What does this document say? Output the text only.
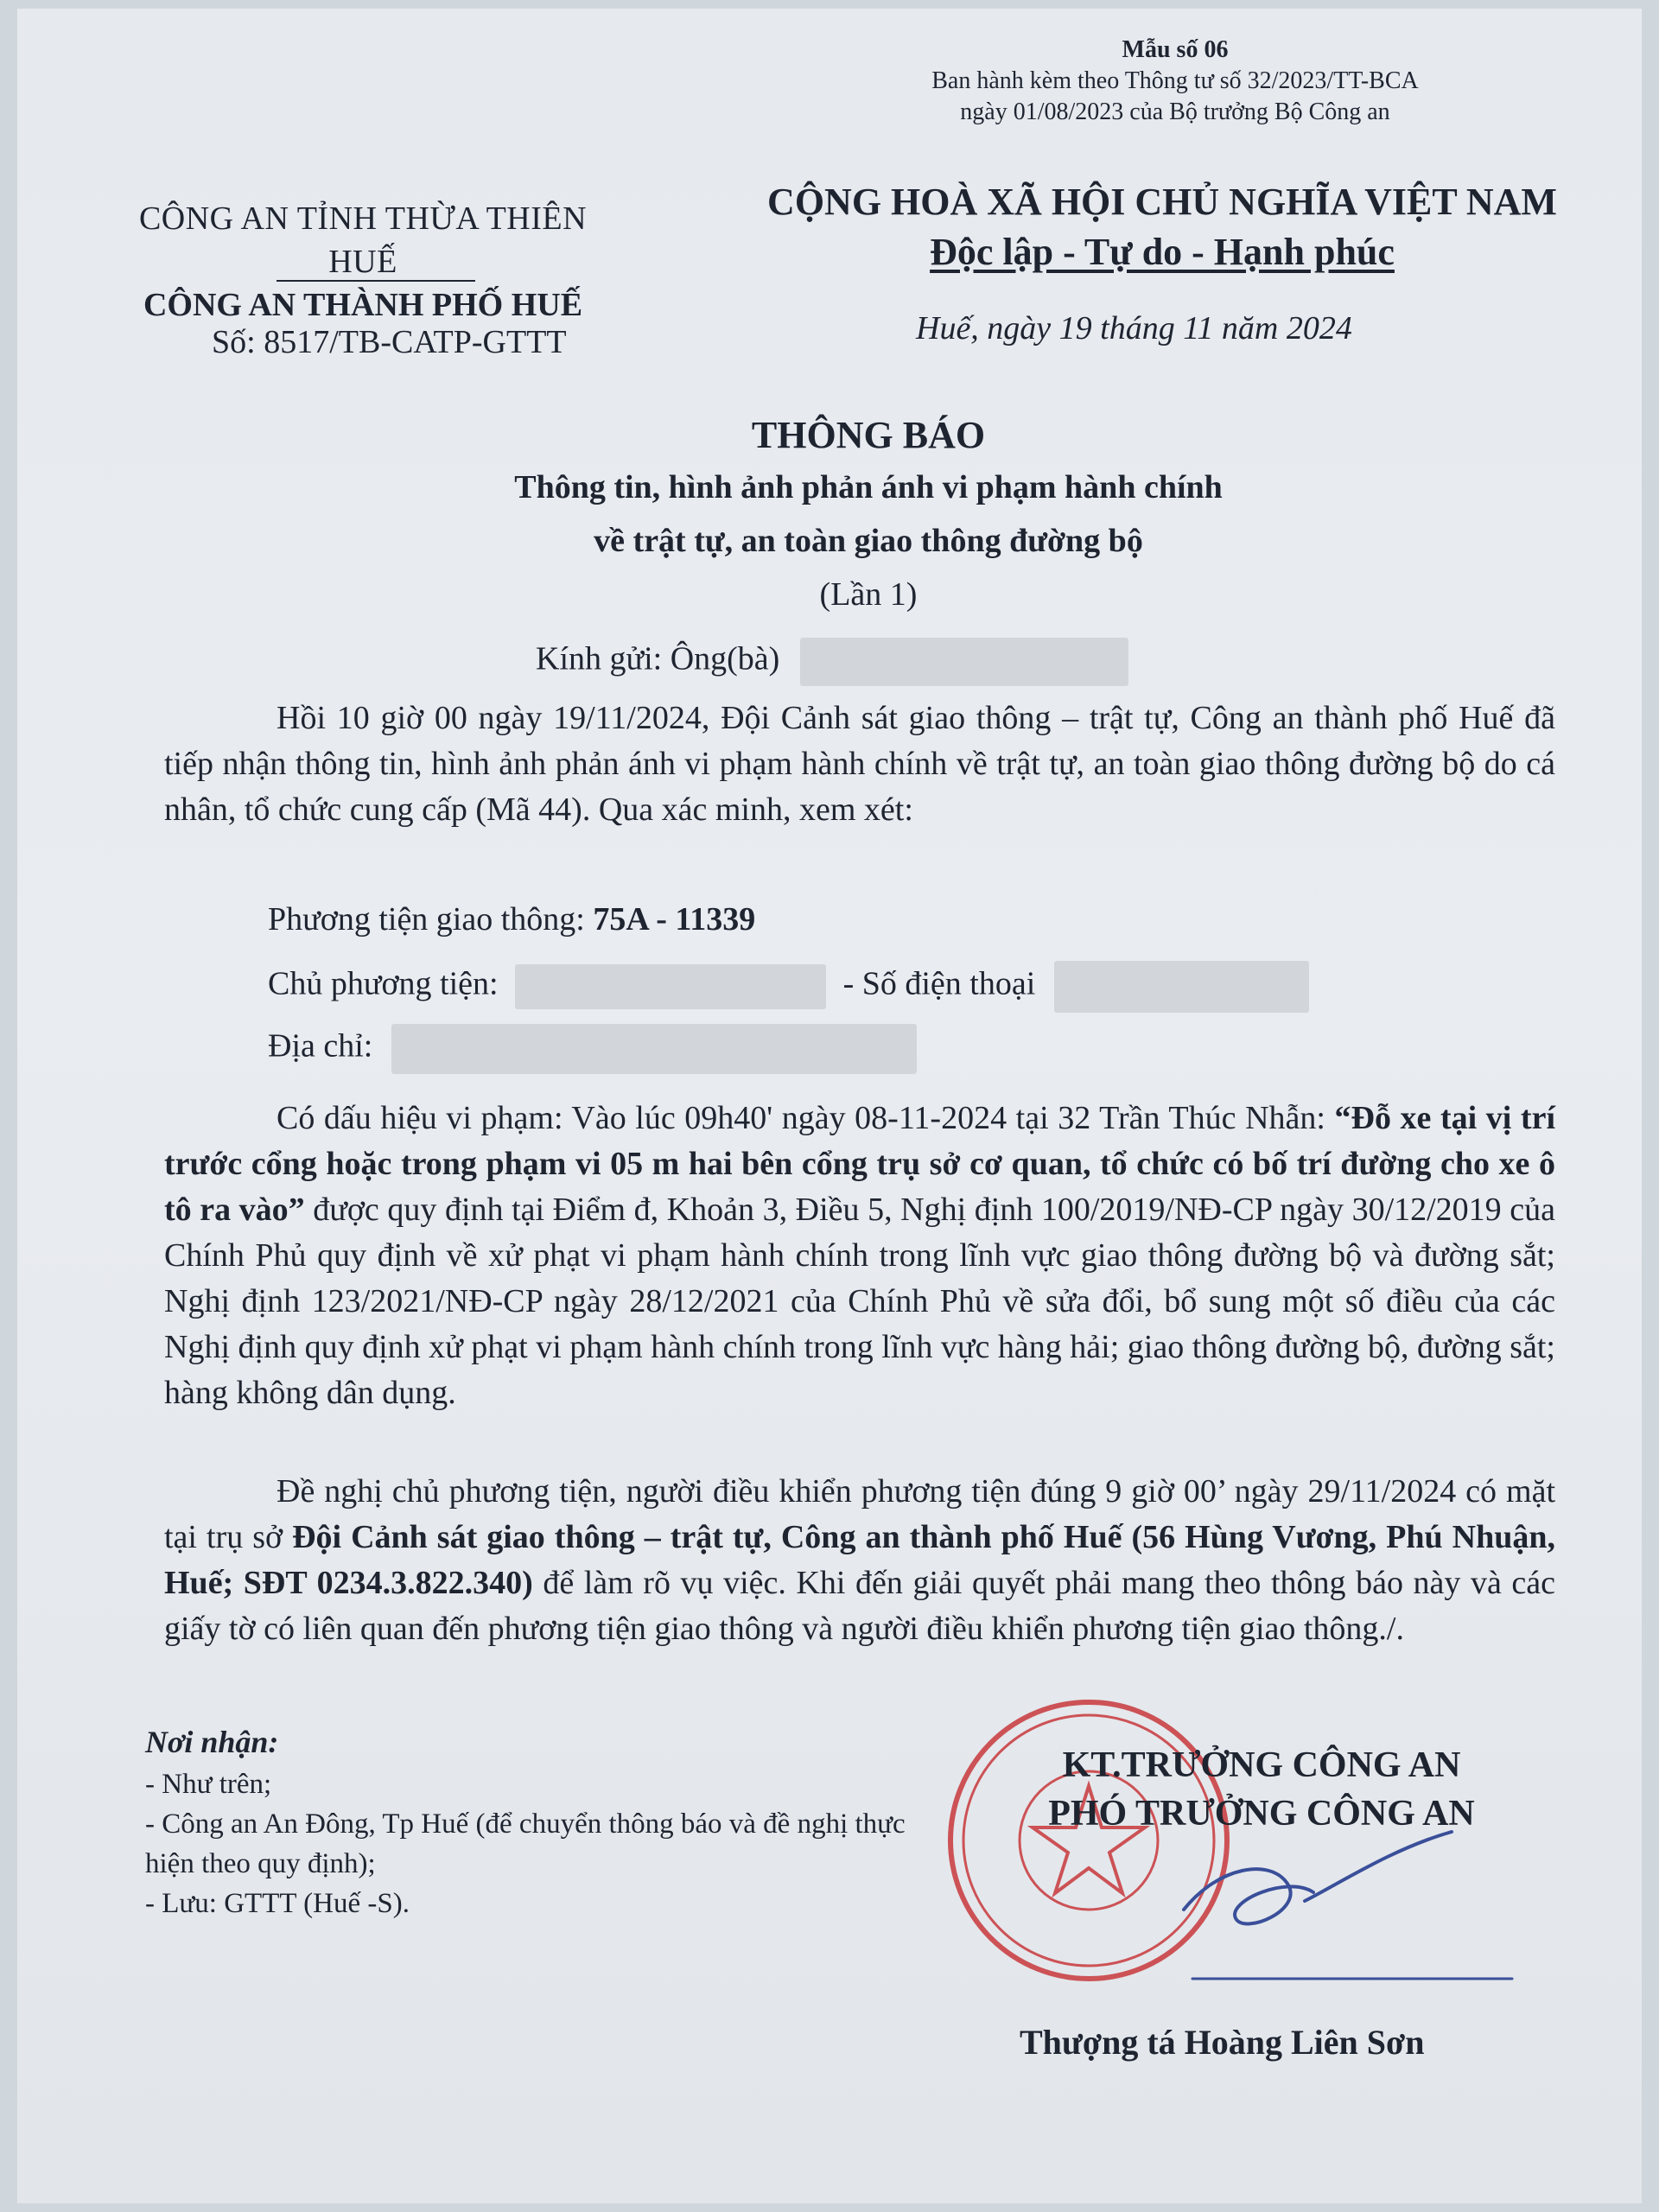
Mẫu số 06
Ban hành kèm theo Thông tư số 32/2023/TT-BCA
ngày 01/08/2023 của Bộ trưởng Bộ Công an
CÔNG AN TỈNH THỪA THIÊN HUẾ
CÔNG AN THÀNH PHỐ HUẾ
Số: 8517/TB-CATP-GTTT
CỘNG HOÀ XÃ HỘI CHỦ NGHĨA VIỆT NAM
Độc lập - Tự do - Hạnh phúc
Huế, ngày 19 tháng 11 năm 2024
THÔNG BÁO
Thông tin, hình ảnh phản ánh vi phạm hành chính
về trật tự, an toàn giao thông đường bộ
(Lần 1)
Kính gửi: Ông(bà)

Hồi 10 giờ 00 ngày 19/11/2024, Đội Cảnh sát giao thông – trật tự, Công an thành phố Huế đã tiếp nhận thông tin, hình ảnh phản ánh vi phạm hành chính về trật tự, an toàn giao thông đường bộ do cá nhân, tổ chức cung cấp (Mã 44). Qua xác minh, xem xét:

Phương tiện giao thông: 75A - 11339
Chủ phương tiện:	- Số điện thoại
Địa chỉ:

Có dấu hiệu vi phạm: Vào lúc 09h40' ngày 08-11-2024 tại 32 Trần Thúc Nhẫn: “Đỗ xe tại vị trí trước cổng hoặc trong phạm vi 05 m hai bên cổng trụ sở cơ quan, tổ chức có bố trí đường cho xe ô tô ra vào” được quy định tại Điểm đ, Khoản 3, Điều 5, Nghị định 100/2019/NĐ-CP ngày 30/12/2019 của Chính Phủ quy định về xử phạt vi phạm hành chính trong lĩnh vực giao thông đường bộ và đường sắt; Nghị định 123/2021/NĐ-CP ngày 28/12/2021 của Chính Phủ về sửa đổi, bổ sung một số điều của các Nghị định quy định xử phạt vi phạm hành chính trong lĩnh vực hàng hải; giao thông đường bộ, đường sắt; hàng không dân dụng.

Đề nghị chủ phương tiện, người điều khiển phương tiện đúng 9 giờ 00’ ngày 29/11/2024 có mặt tại trụ sở Đội Cảnh sát giao thông – trật tự, Công an thành phố Huế (56 Hùng Vương, Phú Nhuận, Huế; SĐT 0234.3.822.340) để làm rõ vụ việc. Khi đến giải quyết phải mang theo thông báo này và các giấy tờ có liên quan đến phương tiện giao thông và người điều khiển phương tiện giao thông./.

Nơi nhận:
- Như trên;
- Công an An Đông, Tp Huế (để chuyển thông báo và đề nghị thực hiện theo quy định);
- Lưu: GTTT (Huế -S).
KT.TRƯỞNG CÔNG AN
PHÓ TRƯỞNG CÔNG AN
Thượng tá Hoàng Liên Sơn
